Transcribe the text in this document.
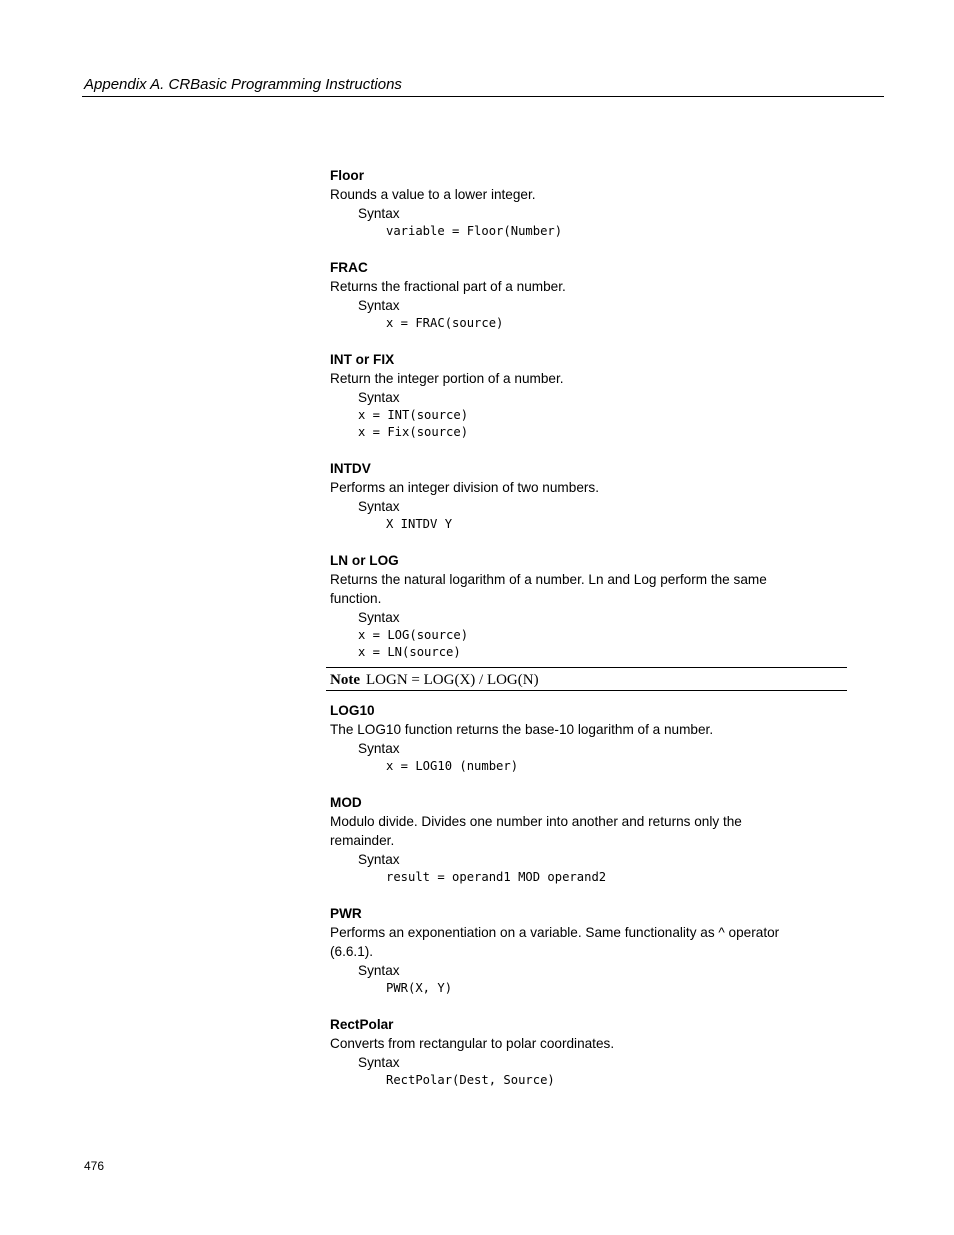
Appendix A. CRBasic Programming Instructions
Floor
Rounds a value to a lower integer.
Syntax
variable = Floor(Number)
FRAC
Returns the fractional part of a number.
Syntax
x = FRAC(source)
INT or FIX
Return the integer portion of a number.
Syntax
x = INT(source)
x = Fix(source)
INTDV
Performs an integer division of two numbers.
Syntax
X INTDV Y
LN or LOG
Returns the natural logarithm of a number. Ln and Log perform the same
function.
Syntax
x = LOG(source)
x = LN(source)
Note LOGN = LOG(X) / LOG(N)
LOG10
The LOG10 function returns the base-10 logarithm of a number.
Syntax
x = LOG10 (number)
MOD
Modulo divide. Divides one number into another and returns only the
remainder.
Syntax
result = operand1 MOD operand2
PWR
Performs an exponentiation on a variable. Same functionality as ^ operator
(6.6.1).
Syntax
PWR(X, Y)
RectPolar
Converts from rectangular to polar coordinates.
Syntax
RectPolar(Dest, Source)
476
